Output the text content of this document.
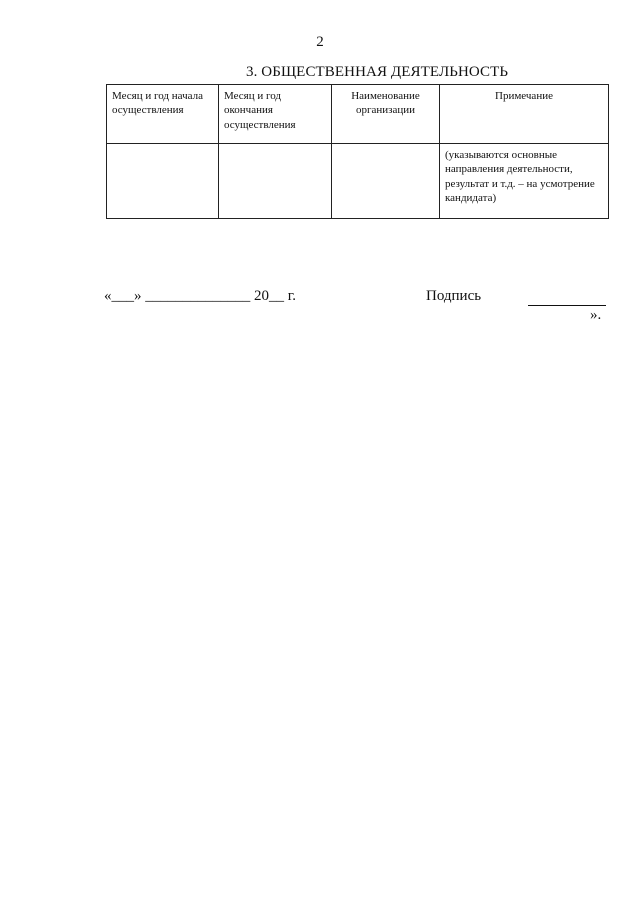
2
3. ОБЩЕСТВЕННАЯ ДЕЯТЕЛЬНОСТЬ
Месяц и год начала осуществления	Месяц и год окончания осуществления	Наименование организации	Примечание
			(указываются основные направления деятельности, результат и т.д. – на усмотрение кандидата)
«___» ______________ 20__ г.	Подпись
».
